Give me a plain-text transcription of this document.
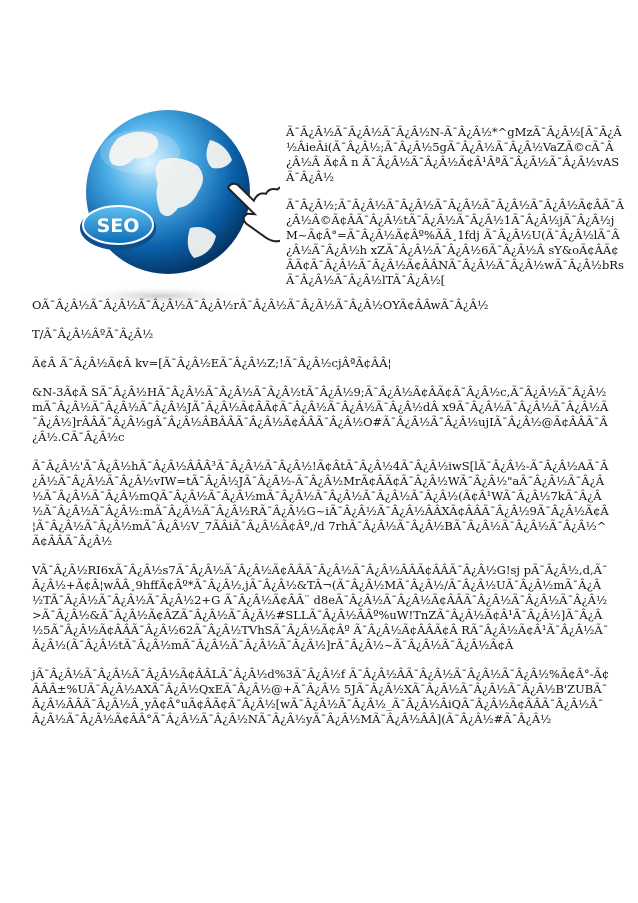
SEO

Ã¯Â¿Â½Ã¯Â¿Â½Ã¯Â¿Â½N-Ã¯Â¿Â½*^gMzÃ¯Â¿Â½[Ã¯Â¿Â½ÂieÂi(Ã¯Â¿Â½;Ã¯Â¿Â½5gÃ¯Â¿Â½Ã¯Â¿Â½VaZÃ©cÃ¯Â¿Â½Â Ã¢Â n Ã¯Â¿Â½Ã¯Â¿Â½Ã¢Â¹ÂªÃ¯Â¿Â½Ã¯Â¿Â½vASÃ¯Â¿Â½

Ã¯Â¿Â½;Ã¯Â¿Â½Ã¯Â¿Â½Ã¯Â¿Â½Ã¯Â¿Â½Ã¯Â¿Â½Ã¢ÂÃ¯Â¿Â½Â©Ã¢ÂÃ¯Â¿Â½tÃ¯Â¿Â½Ã¯Â¿Â½1Ã¯Â¿Â½jÃ¯Â¿Â½jM~Ã¢Â°=Ã¯Â¿Â½Ã¢Âº%ÃÂ¸1fdj Ã¯Â¿Â½U(Ã¯Â¿Â½lÃ¯Â¿Â½Ã¯Â¿Â½h xZÃ¯Â¿Â½Ã¯Â¿Â½6Ã¯Â¿Â½Â sY&oÃ¢ÂÃ¢ÂÃ¢Ã¯Â¿Â½Ã¯Â¿Â½Ã¢ÂÂNÃ¯Â¿Â½Ã¯Â¿Â½wÃ¯Â¿Â½bRsÃ¯Â¿Â½Ã¯Â¿Â½lTÃ¯Â¿Â½[

OÃ¯Â¿Â½Ã¯Â¿Â½Ã¯Â¿Â½Ã¯Â¿Â½rÃ¯Â¿Â½Ã¯Â¿Â½Ã¯Â¿Â½OYÃ¢ÂÂwÃ¯Â¿Â½

T/Ã¯Â¿Â½ÂºÃ¯Â¿Â½

Ã¢Â Ã¯Â¿Â½Ã¢Â kv=[Ã¯Â¿Â½EÃ¯Â¿Â½Z;!Ã¯Â¿Â½cjÂªÃ¢ÂÂ¦

&N-3Ã¢Â SÃ¯Â¿Â½HÃ¯Â¿Â½Ã¯Â¿Â½Ã¯Â¿Â½tÃ¯Â¿Â½9;Ã¯Â¿Â½Ã¢ÂÃ¢Ã¯Â¿Â½c,Ã¯Â¿Â½Ã¯Â¿Â½mÃ¯Â¿Â½Ã¯Â¿Â½Ã¯Â¿Â½JÃ¯Â¿Â½Ã¢ÂÃ¢Ã¯Â¿Â½Ã¯Â¿Â½Ã¯Â¿Â½dÂ x9Ã¯Â¿Â½Ã¯Â¿Â½Ã¯Â¿Â½Ã¯Â¿Â½]rÂÂÃ¯Â¿Â½gÃ¯Â¿Â½ÂBÂÂÃ¯Â¿Â½Ã¢ÂÂÃ¯Â¿Â½O#Ã¯Â¿Â½Ã¯Â¿Â½ujIÃ¯Â¿Â½@Ã¢ÂÂÃ¯Â¿Â½.CÃ¯Â¿Â½c

Ã¯Â¿Â½'Ã¯Â¿Â½hÃ¯Â¿Â½ÂÂÂ³Ã¯Â¿Â½Ã¯Â¿Â½!Ã¢ÂtÃ¯Â¿Â½4Ã¯Â¿Â½iwS[lÃ¯Â¿Â½-Ã¯Â¿Â½AÃ¯Â¿Â½Ã¯Â¿Â½Ã¯Â¿Â½vIW=tÃ¯Â¿Â½JÃ¯Â¿Â½-Ã¯Â¿Â½MrÃ¢ÂÃ¢Ã¯Â¿Â½WÃ¯Â¿Â½"aÃ¯Â¿Â½Ã¯Â¿Â½Ã¯Â¿Â½Ã¯Â¿Â½mQÃ¯Â¿Â½Ã¯Â¿Â½mÃ¯Â¿Â½Ã¯Â¿Â½Ã¯Â¿Â½Ã¯Â¿Â½(Ã¢Â¹WÃ¯Â¿Â½7kÃ¯Â¿Â½Ã¯Â¿Â½Ã¯Â¿Â½:mÃ¯Â¿Â½Ã¯Â¿Â½RÃ¯Â¿Â½G~iÃ¯Â¿Â½Ã¯Â¿Â½ÂÂXÃ¢ÂÂÃ¯Â¿Â½9Ã¯Â¿Â½Ã¢Â¦Ã¯Â¿Â½Ã¯Â¿Â½mÃ¯Â¿Â½V_7ÃÂiÃ¯Â¿Â½Ã¢Âº,/d 7rhÃ¯Â¿Â½Ã¯Â¿Â½BÃ¯Â¿Â½Ã¯Â¿Â½Ã¯Â¿Â½^Ã¢ÂÂÃ¯Â¿Â½

VÃ¯Â¿Â½RI6xÃ¯Â¿Â½s7Ã¯Â¿Â½Ã¯Â¿Â½Ã¢ÂÂÃ¯Â¿Â½Ã¯Â¿Â½ÂÂÃ¢ÂÂÃ¯Â¿Â½G!sj pÃ¯Â¿Â½,d,Ã¯Â¿Â½+Ã¢Â¦wÂÂ¸9hffÃ¢Âº*Ã¯Â¿Â½,jÃ¯Â¿Â½&TÂ¬(Ã¯Â¿Â½MÃ¯Â¿Â½/Ã¯Â¿Â½UÃ¯Â¿Â½mÃ¯Â¿Â½TÃ¯Â¿Â½Ã¯Â¿Â½Ã¯Â¿Â½2+G Ã¯Â¿Â½Ã¢ÂÂ¨ d8eÃ¯Â¿Â½Ã¯Â¿Â½Ã¢ÂÂÃ¯Â¿Â½Ã¯Â¿Â½Ã¯Â¿Â½>Ã¯Â¿Â½&Ã¯Â¿Â½Ã¢ÂZÃ¯Â¿Â½Ã¯Â¿Â½#SLLÃ¯Â¿Â½ÂÂº%uW!TnZÃ¯Â¿Â½Ã¢Â¹Ã¯Â¿Â½]Ã¯Â¿Â½5Ã¯Â¿Â½Ã¢ÂÂÃ¯Â¿Â½62Ã¯Â¿Â½TVhSÃ¯Â¿Â½Ã¢Âº Ã¯Â¿Â½Ã¢ÂÂÃ¢Â RÃ¯Â¿Â½Ã¢Â¹Ã¯Â¿Â½Ã¯Â¿Â½(Ã¯Â¿Â½tÃ¯Â¿Â½mÃ¯Â¿Â½Ã¯Â¿Â½Ã¯Â¿Â½]rÃ¯Â¿Â½~Ã¯Â¿Â½Ã¯Â¿Â½Ã¢Â

jÃ¯Â¿Â½Ã¯Â¿Â½Ã¯Â¿Â½Ã¢ÂÂLÃ¯Â¿Â½d%3Ã¯Â¿Â½f Ã¯Â¿Â½ÂÃ¯Â¿Â½Ã¯Â¿Â½Ã¯Â¿Â½%Ã¢Â°-Ã¢ÂÂÂ±%UÃ¯Â¿Â½AXÃ¯Â¿Â½QxEÃ¯Â¿Â½@+Ã¯Â¿Â½ 5JÃ¯Â¿Â½XÃ¯Â¿Â½Ã¯Â¿Â½Ã¯Â¿Â½B'ZUBÃ¯Â¿Â½ÂÂÃ¯Â¿Â½Â¸yÃ¢Â°uÃ¢ÂÃ¢Ã¯Â¿Â½[wÃ¯Â¿Â½Ã¯Â¿Â½_Ã¯Â¿Â½ÂiQÃ¯Â¿Â½Ã¢ÂÂÃ¯Â¿Â½Ã¯Â¿Â½Ã¯Â¿Â½Ã¢ÂÂ°Ã¯Â¿Â½Ã¯Â¿Â½NÃ¯Â¿Â½yÃ¯Â¿Â½MÃ¯Â¿Â½ÂÂ](Ã¯Â¿Â½#Ã¯Â¿Â½
